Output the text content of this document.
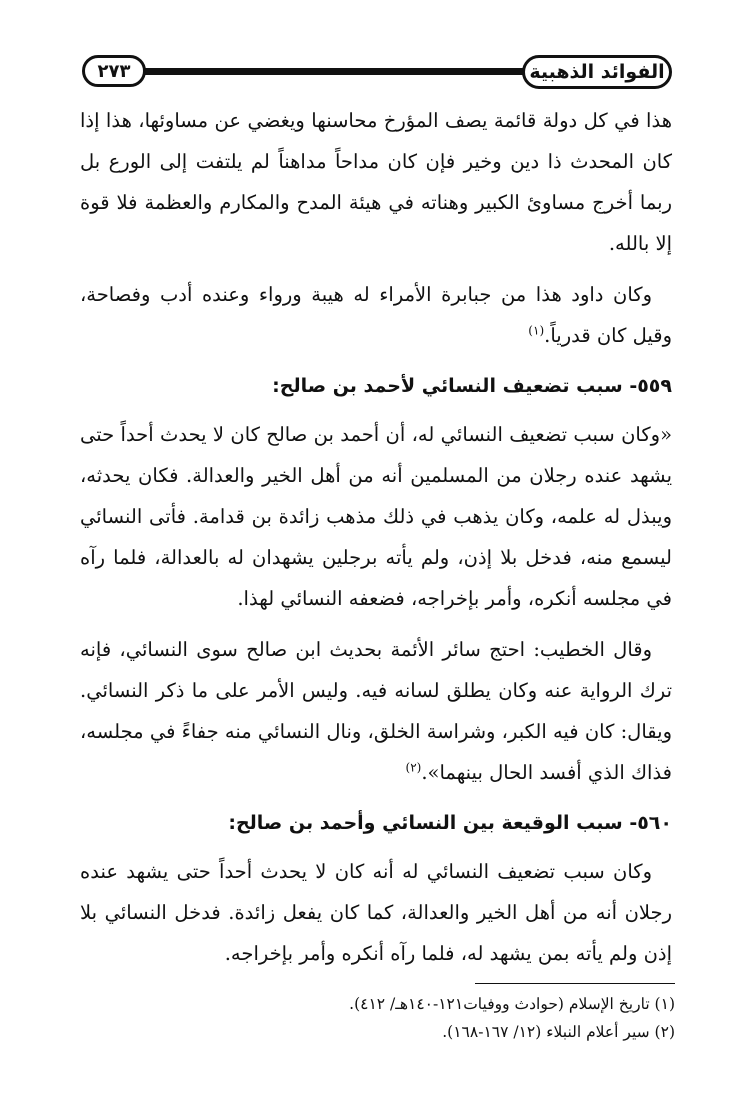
الفوائد الذهبية
٢٧٣

هذا في كل دولة قائمة يصف المؤرخ محاسنها ويغضي عن مساوئها، هذا إذا كان المحدث ذا دين وخير فإن كان مداحاً مداهناً لم يلتفت إلى الورع بل ربما أخرج مساوئ الكبير وهناته في هيئة المدح والمكارم والعظمة فلا قوة إلا بالله.

وكان داود هذا من جبابرة الأمراء له هيبة ورواء وعنده أدب وفصاحة، وقيل كان قدرياً.$^{(١)}$

٥٥٩- سبب تضعيف النسائي لأحمد بن صالح:

«وكان سبب تضعيف النسائي له، أن أحمد بن صالح كان لا يحدث أحداً حتى يشهد عنده رجلان من المسلمين أنه من أهل الخير والعدالة. فكان يحدثه، ويبذل له علمه، وكان يذهب في ذلك مذهب زائدة بن قدامة. فأتى النسائي ليسمع منه، فدخل بلا إذن، ولم يأته برجلين يشهدان له بالعدالة، فلما رآه في مجلسه أنكره، وأمر بإخراجه، فضعفه النسائي لهذا.

وقال الخطيب: احتج سائر الأئمة بحديث ابن صالح سوى النسائي، فإنه ترك الرواية عنه وكان يطلق لسانه فيه. وليس الأمر على ما ذكر النسائي. ويقال: كان فيه الكبر، وشراسة الخلق، ونال النسائي منه جفاءً في مجلسه، فذاك الذي أفسد الحال بينهما».$^{(٢)}$

٥٦٠- سبب الوقيعة بين النسائي وأحمد بن صالح:

وكان سبب تضعيف النسائي له أنه كان لا يحدث أحداً حتى يشهد عنده رجلان أنه من أهل الخير والعدالة، كما كان يفعل زائدة. فدخل النسائي بلا إذن ولم يأته بمن يشهد له، فلما رآه أنكره وأمر بإخراجه.

(١) تاريخ الإسلام (حوادث ووفيات١٢١-١٤٠هـ/ ٤١٢).
(٢) سير أعلام النبلاء (١٢/ ١٦٧-١٦٨).
